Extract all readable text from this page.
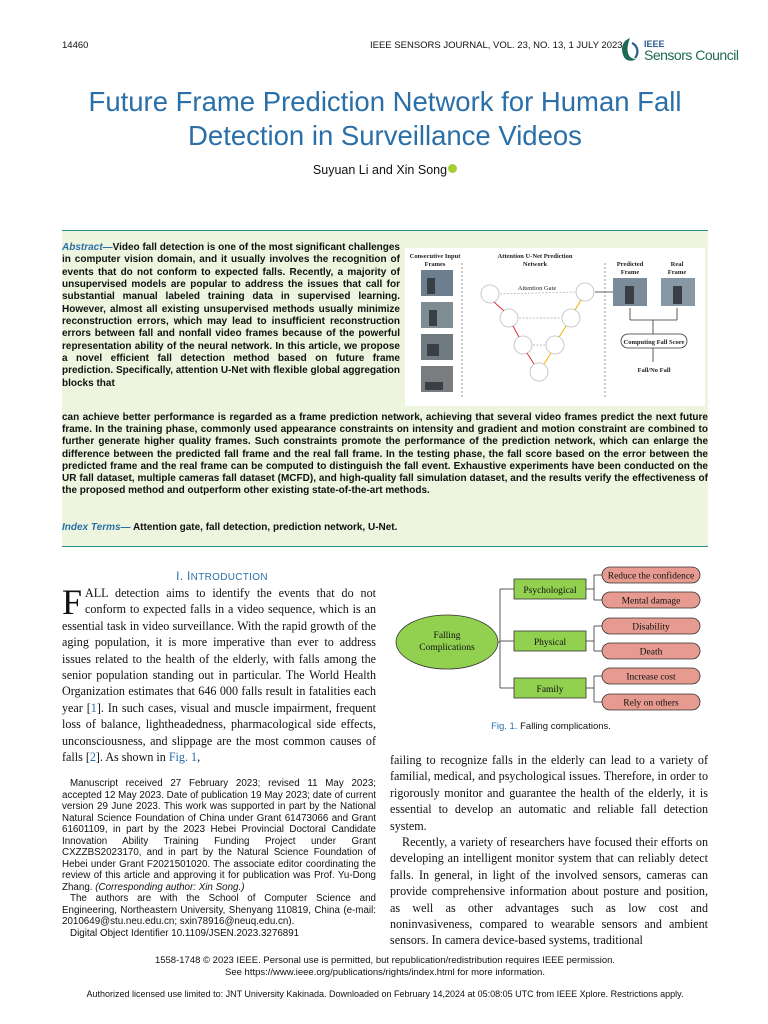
14460	IEEE SENSORS JOURNAL, VOL. 23, NO. 13, 1 JULY 2023 IEEE
Sensors Council
Future Frame Prediction Network for Human Fall
Detection in Surveillance Videos
Suyuan Li and Xin Song
Abstract—Video fall detection is one of the most significant challenges in computer vision domain, and it usually involves the recognition of events that do not conform to expected falls. Recently, a majority of unsupervised models are popular to address the issues that call for substantial manual labeled training data in supervised learning. However, almost all existing unsupervised methods usually minimize reconstruction errors, which may lead to insufficient reconstruction errors between fall and nonfall video frames because of the powerful representation ability of the neural network. In this article, we propose a novel efficient fall detection method based on future frame prediction. Specifically, attention U-Net with flexible global aggregation blocks that
can achieve better performance is regarded as a frame prediction network, achieving that several video frames predict the next future frame. In the training phase, commonly used appearance constraints on intensity and gradient and motion constraint are combined to further generate higher quality frames. Such constraints promote the performance of the prediction network, which can enlarge the difference between the predicted fall frame and the real fall frame. In the testing phase, the fall score based on the error between the predicted frame and the real frame can be computed to distinguish the fall event. Exhaustive experiments have been conducted on the UR fall dataset, multiple cameras fall dataset (MCFD), and high-quality fall simulation dataset, and the results verify the effectiveness of the proposed method and outperform other existing state-of-the-art methods.
Index Terms— Attention gate, fall detection, prediction network, U-Net.
Consecutive Input
Frames
Attention U-Net Prediction
Network	Predicted
Frame
Real
Frame
Attention Gate
Computing Fall Score
Fall/No Fall
I. INTRODUCTION
FALL detection aims to identify the events that do not conform to expected falls in a video sequence, which is an essential task in video surveillance. With the rapid growth of the aging population, it is more imperative than ever to address issues related to the health of the elderly, with falls among the senior population standing out in particular. The World Health Organization estimates that 646 000 falls result in fatalities each year [1]. In such cases, visual and muscle impairment, frequent loss of balance, lightheadedness, pharmacological side effects, unconsciousness, and slippage are the most common causes of falls [2]. As shown in Fig. 1,

Manuscript received 27 February 2023; revised 11 May 2023; accepted 12 May 2023. Date of publication 19 May 2023; date of current version 29 June 2023. This work was supported in part by the National Natural Science Foundation of China under Grant 61473066 and Grant 61601109, in part by the 2023 Hebei Provincial Doctoral Candidate Innovation Ability Training Funding Project under Grant CXZZBS2023170, and in part by the Natural Science Foundation of Hebei under Grant F2021501020. The associate editor coordinating the review of this article and approving it for publication was Prof. Yu-Dong Zhang. (Corresponding author: Xin Song.)

The authors are with the School of Computer Science and Engineering, Northeastern University, Shenyang 110819, China (e-mail: 2010649@stu.neu.edu.cn; sxin78916@neuq.edu.cn).

Digital Object Identifier 10.1109/JSEN.2023.3276891

Falling
Complications
Psychological
Physical
Family
Reduce the confidence
Mental damage
Disability
Death
Increase cost
Rely on others
Fig. 1. Falling complications.

failing to recognize falls in the elderly can lead to a variety of familial, medical, and psychological issues. Therefore, in order to rigorously monitor and guarantee the health of the elderly, it is essential to develop an automatic and reliable fall detection system.

Recently, a variety of researchers have focused their efforts on developing an intelligent monitor system that can reliably detect falls. In general, in light of the involved sensors, cameras can provide comprehensive information about posture and position, as well as other advantages such as low cost and noninvasiveness, compared to wearable sensors and ambient sensors. In camera device-based systems, traditional

1558-1748 © 2023 IEEE. Personal use is permitted, but republication/redistribution requires IEEE permission.
See https://www.ieee.org/publications/rights/index.html for more information.
Authorized licensed use limited to: JNT University Kakinada. Downloaded on February 14,2024 at 05:08:05 UTC from IEEE Xplore. Restrictions apply.
